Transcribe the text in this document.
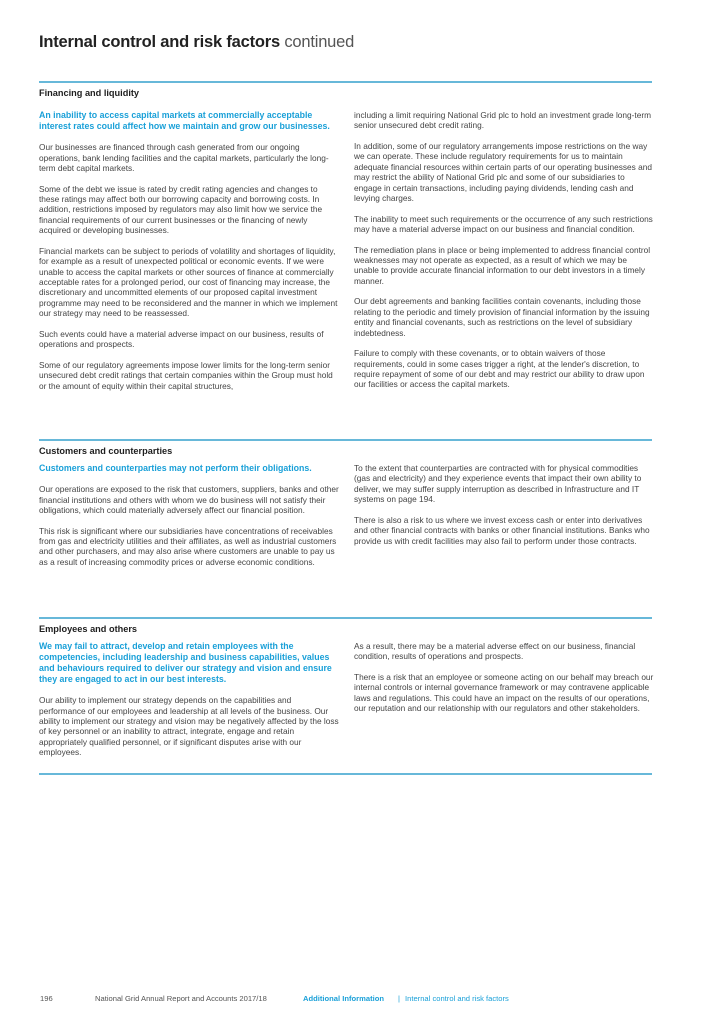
Internal control and risk factors continued
Financing and liquidity

An inability to access capital markets at commercially acceptable interest rates could affect how we maintain and grow our businesses.

Our businesses are financed through cash generated from our ongoing operations, bank lending facilities and the capital markets, particularly the long-term debt capital markets.

Some of the debt we issue is rated by credit rating agencies and changes to these ratings may affect both our borrowing capacity and borrowing costs. In addition, restrictions imposed by regulators may also limit how we service the financial requirements of our current businesses or the financing of newly acquired or developing businesses.

Financial markets can be subject to periods of volatility and shortages of liquidity, for example as a result of unexpected political or economic events. If we were unable to access the capital markets or other sources of finance at commercially acceptable rates for a prolonged period, our cost of financing may increase, the discretionary and uncommitted elements of our proposed capital investment programme may need to be reconsidered and the manner in which we implement our strategy may need to be reassessed.

Such events could have a material adverse impact on our business, results of operations and prospects.

Some of our regulatory agreements impose lower limits for the long-term senior unsecured debt credit ratings that certain companies within the Group must hold or the amount of equity within their capital structures,

including a limit requiring National Grid plc to hold an investment grade long-term senior unsecured debt credit rating.

In addition, some of our regulatory arrangements impose restrictions on the way we can operate. These include regulatory requirements for us to maintain adequate financial resources within certain parts of our operating businesses and may restrict the ability of National Grid plc and some of our subsidiaries to engage in certain transactions, including paying dividends, lending cash and levying charges.

The inability to meet such requirements or the occurrence of any such restrictions may have a material adverse impact on our business and financial condition.

The remediation plans in place or being implemented to address financial control weaknesses may not operate as expected, as a result of which we may be unable to provide accurate financial information to our debt investors in a timely manner.

Our debt agreements and banking facilities contain covenants, including those relating to the periodic and timely provision of financial information by the issuing entity and financial covenants, such as restrictions on the level of subsidiary indebtedness.

Failure to comply with these covenants, or to obtain waivers of those requirements, could in some cases trigger a right, at the lender's discretion, to require repayment of some of our debt and may restrict our ability to draw upon our facilities or access the capital markets.

Customers and counterparties

Customers and counterparties may not perform their obligations.

Our operations are exposed to the risk that customers, suppliers, banks and other financial institutions and others with whom we do business will not satisfy their obligations, which could materially adversely affect our financial position.

This risk is significant where our subsidiaries have concentrations of receivables from gas and electricity utilities and their affiliates, as well as industrial customers and other purchasers, and may also arise where customers are unable to pay us as a result of increasing commodity prices or adverse economic conditions.

To the extent that counterparties are contracted with for physical commodities (gas and electricity) and they experience events that impact their own ability to deliver, we may suffer supply interruption as described in Infrastructure and IT systems on page 194.

There is also a risk to us where we invest excess cash or enter into derivatives and other financial contracts with banks or other financial institutions. Banks who provide us with credit facilities may also fail to perform under those contracts.

Employees and others

We may fail to attract, develop and retain employees with the competencies, including leadership and business capabilities, values and behaviours required to deliver our strategy and vision and ensure they are engaged to act in our best interests.

Our ability to implement our strategy depends on the capabilities and performance of our employees and leadership at all levels of the business. Our ability to implement our strategy and vision may be negatively affected by the loss of key personnel or an inability to attract, integrate, engage and retain appropriately qualified personnel, or if significant disputes arise with our employees.

As a result, there may be a material adverse effect on our business, financial condition, results of operations and prospects.

There is a risk that an employee or someone acting on our behalf may breach our internal controls or internal governance framework or may contravene applicable laws and regulations. This could have an impact on the results of our operations, our reputation and our relationship with our regulators and other stakeholders.

196	National Grid Annual Report and Accounts 2017/18	Additional Information | Internal control and risk factors
